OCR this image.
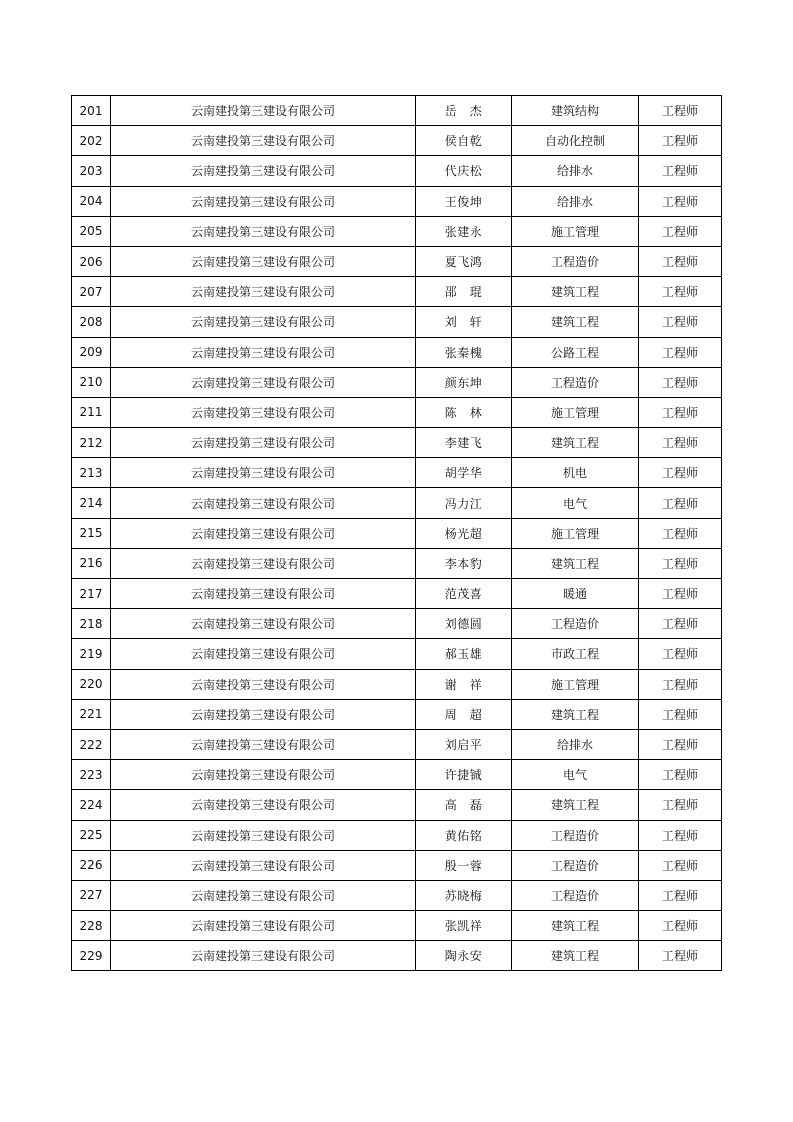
201	云南建投第三建设有限公司	岳　杰	建筑结构	工程师
202	云南建投第三建设有限公司	侯自乾	自动化控制	工程师
203	云南建投第三建设有限公司	代庆松	给排水	工程师
204	云南建投第三建设有限公司	王俊坤	给排水	工程师
205	云南建投第三建设有限公司	张建永	施工管理	工程师
206	云南建投第三建设有限公司	夏飞鸿	工程造价	工程师
207	云南建投第三建设有限公司	邵　琨	建筑工程	工程师
208	云南建投第三建设有限公司	刘　轩	建筑工程	工程师
209	云南建投第三建设有限公司	张秦槐	公路工程	工程师
210	云南建投第三建设有限公司	颜东坤	工程造价	工程师
211	云南建投第三建设有限公司	陈　林	施工管理	工程师
212	云南建投第三建设有限公司	李建飞	建筑工程	工程师
213	云南建投第三建设有限公司	胡学华	机电	工程师
214	云南建投第三建设有限公司	冯力江	电气	工程师
215	云南建投第三建设有限公司	杨光超	施工管理	工程师
216	云南建投第三建设有限公司	李本豹	建筑工程	工程师
217	云南建投第三建设有限公司	范茂喜	暖通	工程师
218	云南建投第三建设有限公司	刘德圆	工程造价	工程师
219	云南建投第三建设有限公司	郝玉雄	市政工程	工程师
220	云南建投第三建设有限公司	谢　祥	施工管理	工程师
221	云南建投第三建设有限公司	周　超	建筑工程	工程师
222	云南建投第三建设有限公司	刘启平	给排水	工程师
223	云南建投第三建设有限公司	许捷铖	电气	工程师
224	云南建投第三建设有限公司	高　磊	建筑工程	工程师
225	云南建投第三建设有限公司	黄佑铭	工程造价	工程师
226	云南建投第三建设有限公司	殷一蓉	工程造价	工程师
227	云南建投第三建设有限公司	苏晓梅	工程造价	工程师
228	云南建投第三建设有限公司	张凯祥	建筑工程	工程师
229	云南建投第三建设有限公司	陶永安	建筑工程	工程师
